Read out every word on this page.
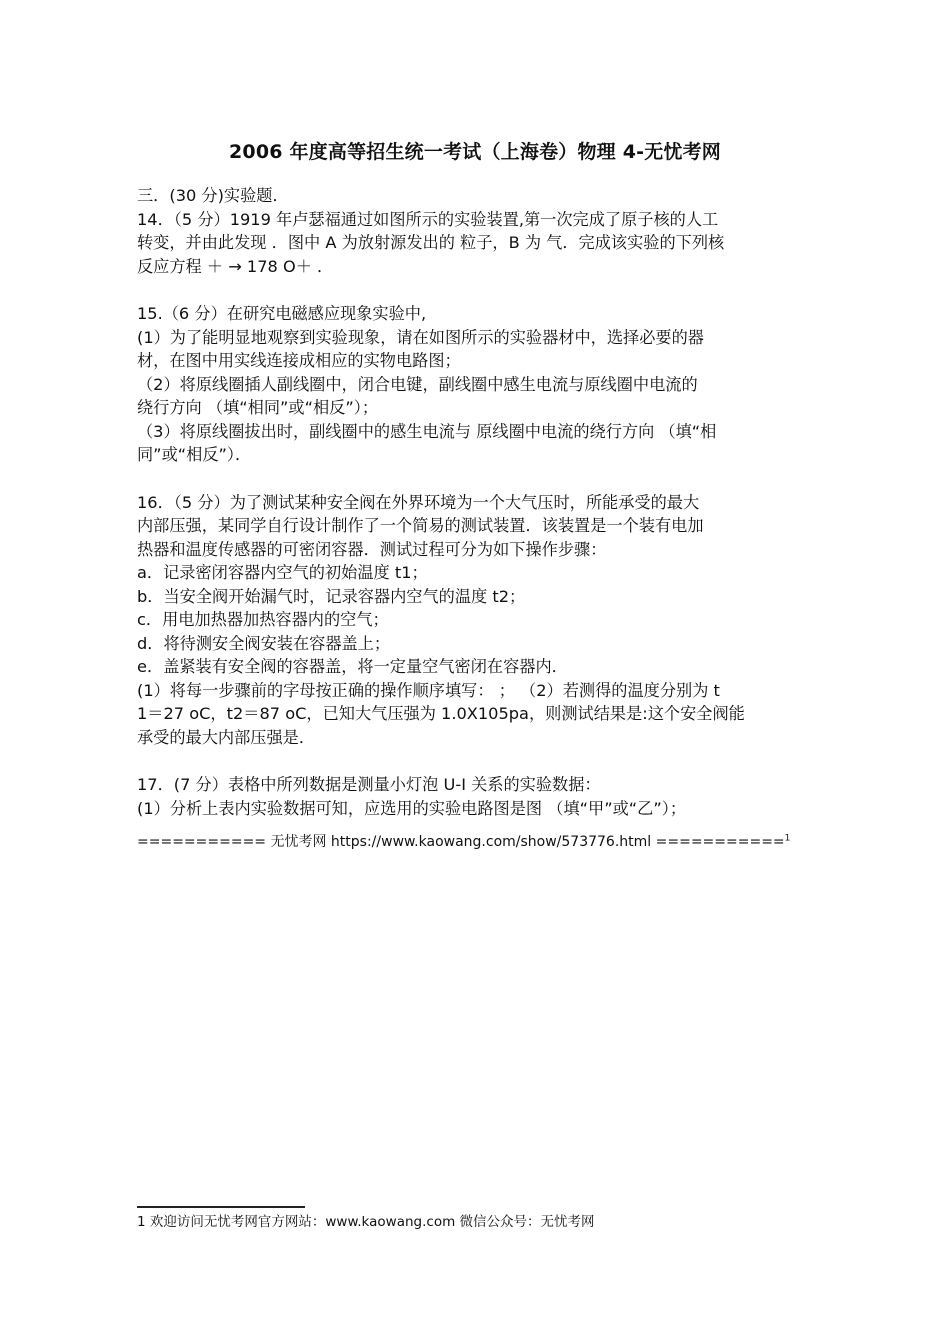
2006 年度高等招生统一考试（上海卷）物理 4-无忧考网
三．(30 分)实验题．
14．（5 分）1919 年卢瑟福通过如图所示的实验装置,第一次完成了原子核的人工
转变，并由此发现 ．图中 A 为放射源发出的 粒子，B 为 气．完成该实验的下列核
反应方程 ＋ → 178 O＋ ．
15.（6 分）在研究电磁感应现象实验中,
(1）为了能明显地观察到实验现象，请在如图所示的实验器材中，选择必要的器
材，在图中用实线连接成相应的实物电路图；
（2）将原线圈插人副线圈中，闭合电键，副线圈中感生电流与原线圈中电流的
绕行方向 （填“相同”或“相反”）；
（3）将原线圈拔出时，副线圈中的感生电流与 原线圈中电流的绕行方向 （填“相
同”或“相反”）．
16．（5 分）为了测试某种安全阀在外界环境为一个大气压时，所能承受的最大
内部压强，某同学自行设计制作了一个简易的测试装置．该装置是一个装有电加
热器和温度传感器的可密闭容器．测试过程可分为如下操作步骤：
a．记录密闭容器内空气的初始温度 t1；
b．当安全阀开始漏气时，记录容器内空气的温度 t2；
c．用电加热器加热容器内的空气；
d．将待测安全阀安装在容器盖上；
e．盖紧装有安全阀的容器盖，将一定量空气密闭在容器内．
(1）将每一步骤前的字母按正确的操作顺序填写： ； （2）若测得的温度分别为 t
1＝27 oC，t2＝87 oC，已知大气压强为 1.0X105pa，则测试结果是:这个安全阀能
承受的最大内部压强是．
17．(7 分）表格中所列数据是测量小灯泡 U-I 关系的实验数据：
(1）分析上表内实验数据可知，应选用的实验电路图是图 （填“甲”或“乙”）；
=========== 无忧考网 https://www.kaowang.com/show/573776.html ===========$^1$
1 欢迎访问无忧考网官方网站：www.kaowang.com 微信公众号：无忧考网
